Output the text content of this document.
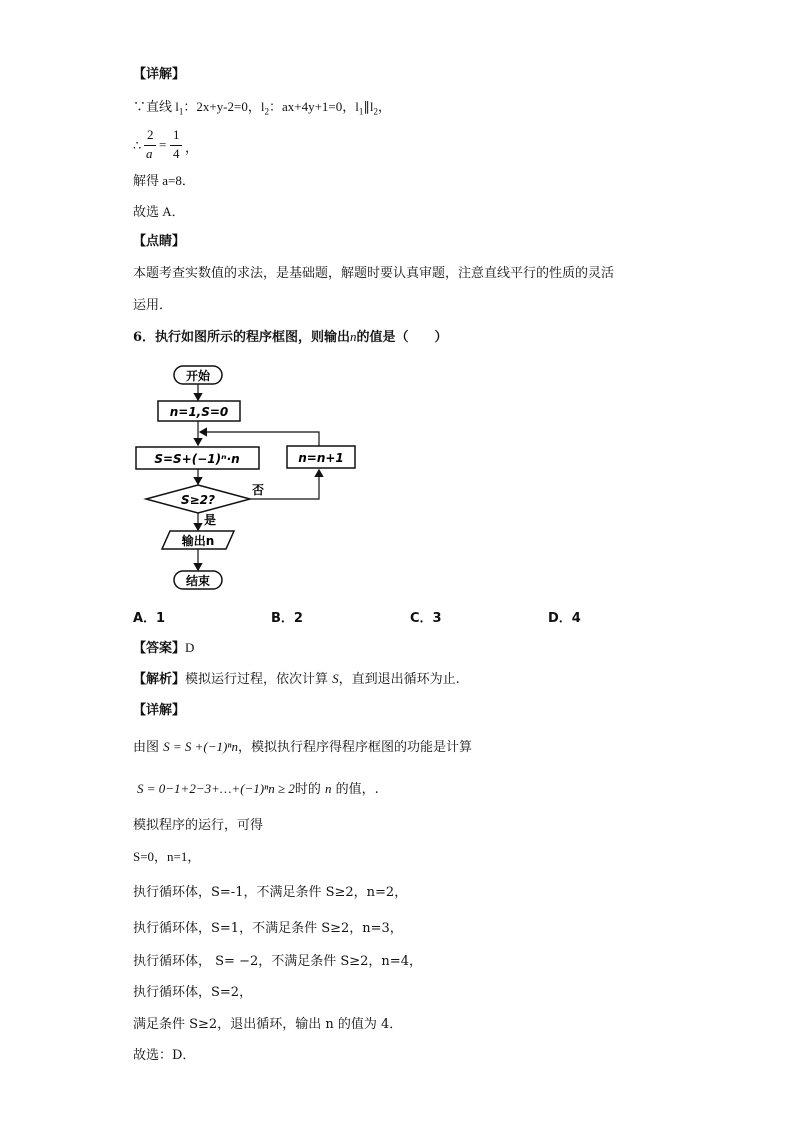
【详解】
∵直线 $l_1$：2x+y-2=0，$l_2$：ax+4y+1=0，$l_1\parallel l_2$，
∴
2
a
=
1
4 ，
解得 a=8．
故选 A．
【点睛】
本题考查实数值的求法，是基础题，解题时要认真审题，注意直线平行的性质的灵活
运用．
6．执行如图所示的程序框图，则输出n的值是（　　）
开始
n=1,S=0
S=S+(−1)ⁿ·n	n=n+1
S≥2?
否
是
输出n
结束
A．1	B．2	C．3	D．4
【答案】D
【解析】模拟运行过程，依次计算 S，直到退出循环为止.
【详解】
由图 S = S +(−1)ⁿn，模拟执行程序得程序框图的功能是计算
S = 0−1+2−3+…+(−1)ⁿn ≥ 2时的 n 的值，.
模拟程序的运行，可得
S=0，n=1，
执行循环体，S=-1，不满足条件 S≥2，n=2，
执行循环体，S=1，不满足条件 S≥2，n=3，
执行循环体， S= −2，不满足条件 S≥2，n=4，
执行循环体，S=2，
满足条件 S≥2，退出循环，输出 n 的值为 4．
故选：D．
